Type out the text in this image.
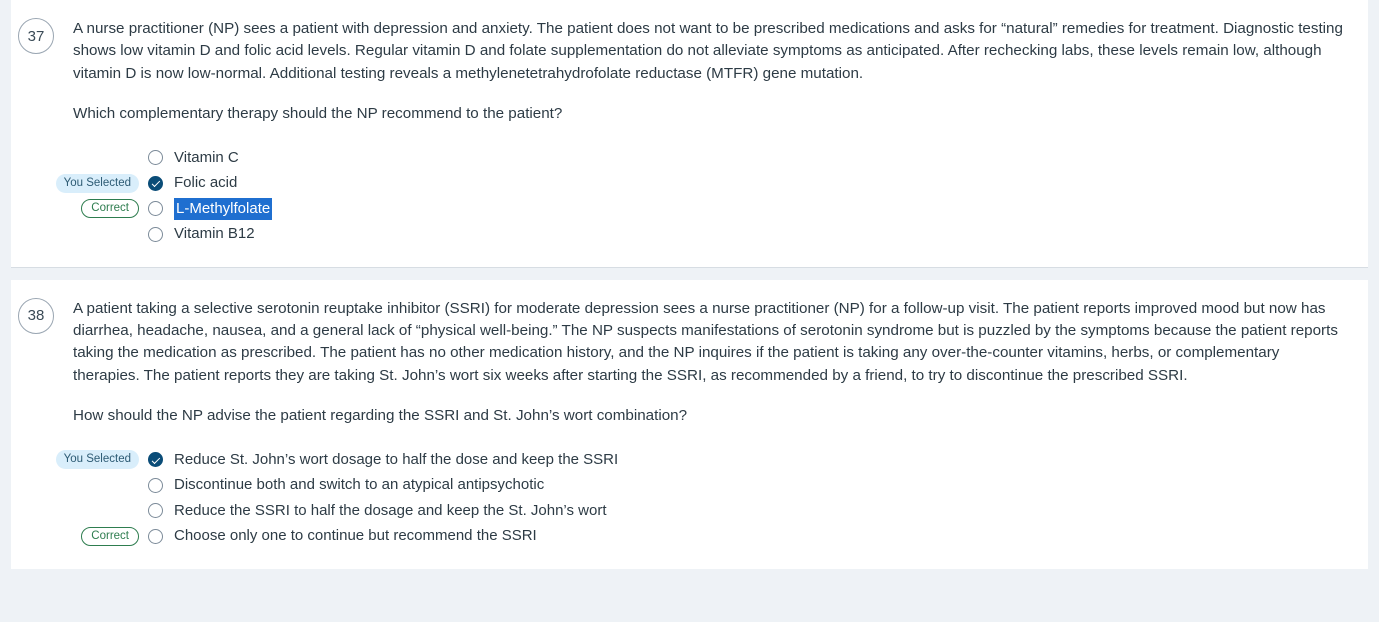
37	A nurse practitioner (NP) sees a patient with depression and anxiety. The patient does not want to be prescribed medications and asks for “natural” remedies for treatment. Diagnostic testing shows low vitamin D and folic acid levels. Regular vitamin D and folate supplementation do not alleviate symptoms as anticipated. After rechecking labs, these levels remain low, although vitamin D is now low-normal. Additional testing reveals a methylenetetrahydrofolate reductase (MTFR) gene mutation.
Which complementary therapy should the NP recommend to the patient?
Vitamin C
You Selected	Folic acid
Correct	L-Methylfolate
Vitamin B12
38	A patient taking a selective serotonin reuptake inhibitor (SSRI) for moderate depression sees a nurse practitioner (NP) for a follow-up visit. The patient reports improved mood but now has diarrhea, headache, nausea, and a general lack of “physical well-being.” The NP suspects manifestations of serotonin syndrome but is puzzled by the symptoms because the patient reports taking the medication as prescribed. The patient has no other medication history, and the NP inquires if the patient is taking any over-the-counter vitamins, herbs, or complementary therapies. The patient reports they are taking St. John’s wort six weeks after starting the SSRI, as recommended by a friend, to try to discontinue the prescribed SSRI.
How should the NP advise the patient regarding the SSRI and St. John’s wort combination?
You Selected	Reduce St. John’s wort dosage to half the dose and keep the SSRI
Discontinue both and switch to an atypical antipsychotic
Reduce the SSRI to half the dosage and keep the St. John’s wort
Correct	Choose only one to continue but recommend the SSRI
